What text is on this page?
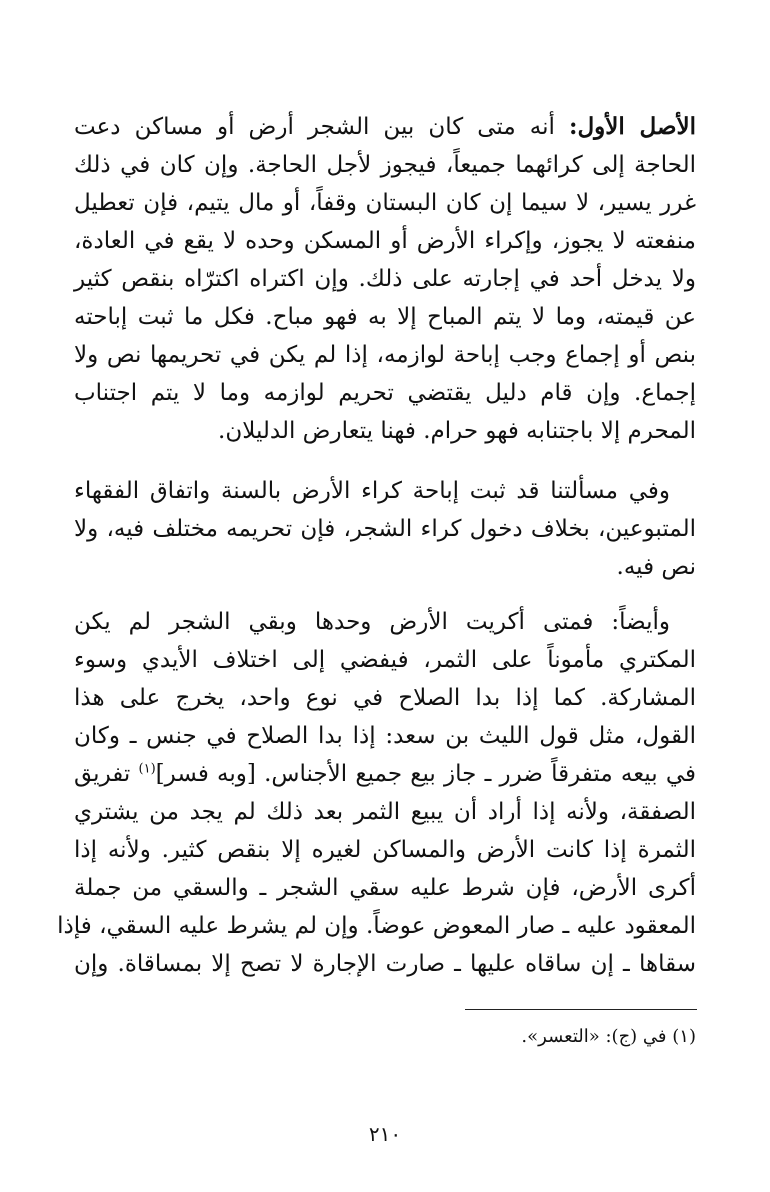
الأصل الأول: أنه متى كان بين الشجر أرض أو مساكن دعت
الحاجة إلى كرائهما جميعاً، فيجوز لأجل الحاجة. وإن كان في ذلك
غرر يسير، لا سيما إن كان البستان وقفاً، أو مال يتيم، فإن تعطيل
منفعته لا يجوز، وإكراء الأرض أو المسكن وحده لا يقع في العادة،
ولا يدخل أحد في إجارته على ذلك. وإن اكتراه اكترّاه بنقص كثير
عن قيمته، وما لا يتم المباح إلا به فهو مباح. فكل ما ثبت إباحته
بنص أو إجماع وجب إباحة لوازمه، إذا لم يكن في تحريمها نص ولا
إجماع. وإن قام دليل يقتضي تحريم لوازمه وما لا يتم اجتناب
المحرم إلا باجتنابه فهو حرام. فهنا يتعارض الدليلان.
وفي مسألتنا قد ثبت إباحة كراء الأرض بالسنة واتفاق الفقهاء
المتبوعين، بخلاف دخول كراء الشجر، فإن تحريمه مختلف فيه، ولا
نص فيه.
وأيضاً: فمتى أكريت الأرض وحدها وبقي الشجر لم يكن
المكتري مأموناً على الثمر، فيفضي إلى اختلاف الأيدي وسوء
المشاركة. كما إذا بدا الصلاح في نوع واحد، يخرج على هذا
القول، مثل قول الليث بن سعد: إذا بدا الصلاح في جنس ـ وكان
في بيعه متفرقاً ضرر ـ جاز بيع جميع الأجناس. [وبه فسر]$^{(١)}$ تفريق
الصفقة، ولأنه إذا أراد أن يبيع الثمر بعد ذلك لم يجد من يشتري
الثمرة إذا كانت الأرض والمساكن لغيره إلا بنقص كثير. ولأنه إذا
أكرى الأرض، فإن شرط عليه سقي الشجر ـ والسقي من جملة
المعقود عليه ـ صار المعوض عوضاً. وإن لم يشرط عليه السقي، فإذا
سقاها ـ إن ساقاه عليها ـ صارت الإجارة لا تصح إلا بمساقاة. وإن
(١) في (ج): «التعسر».
٢١٠
